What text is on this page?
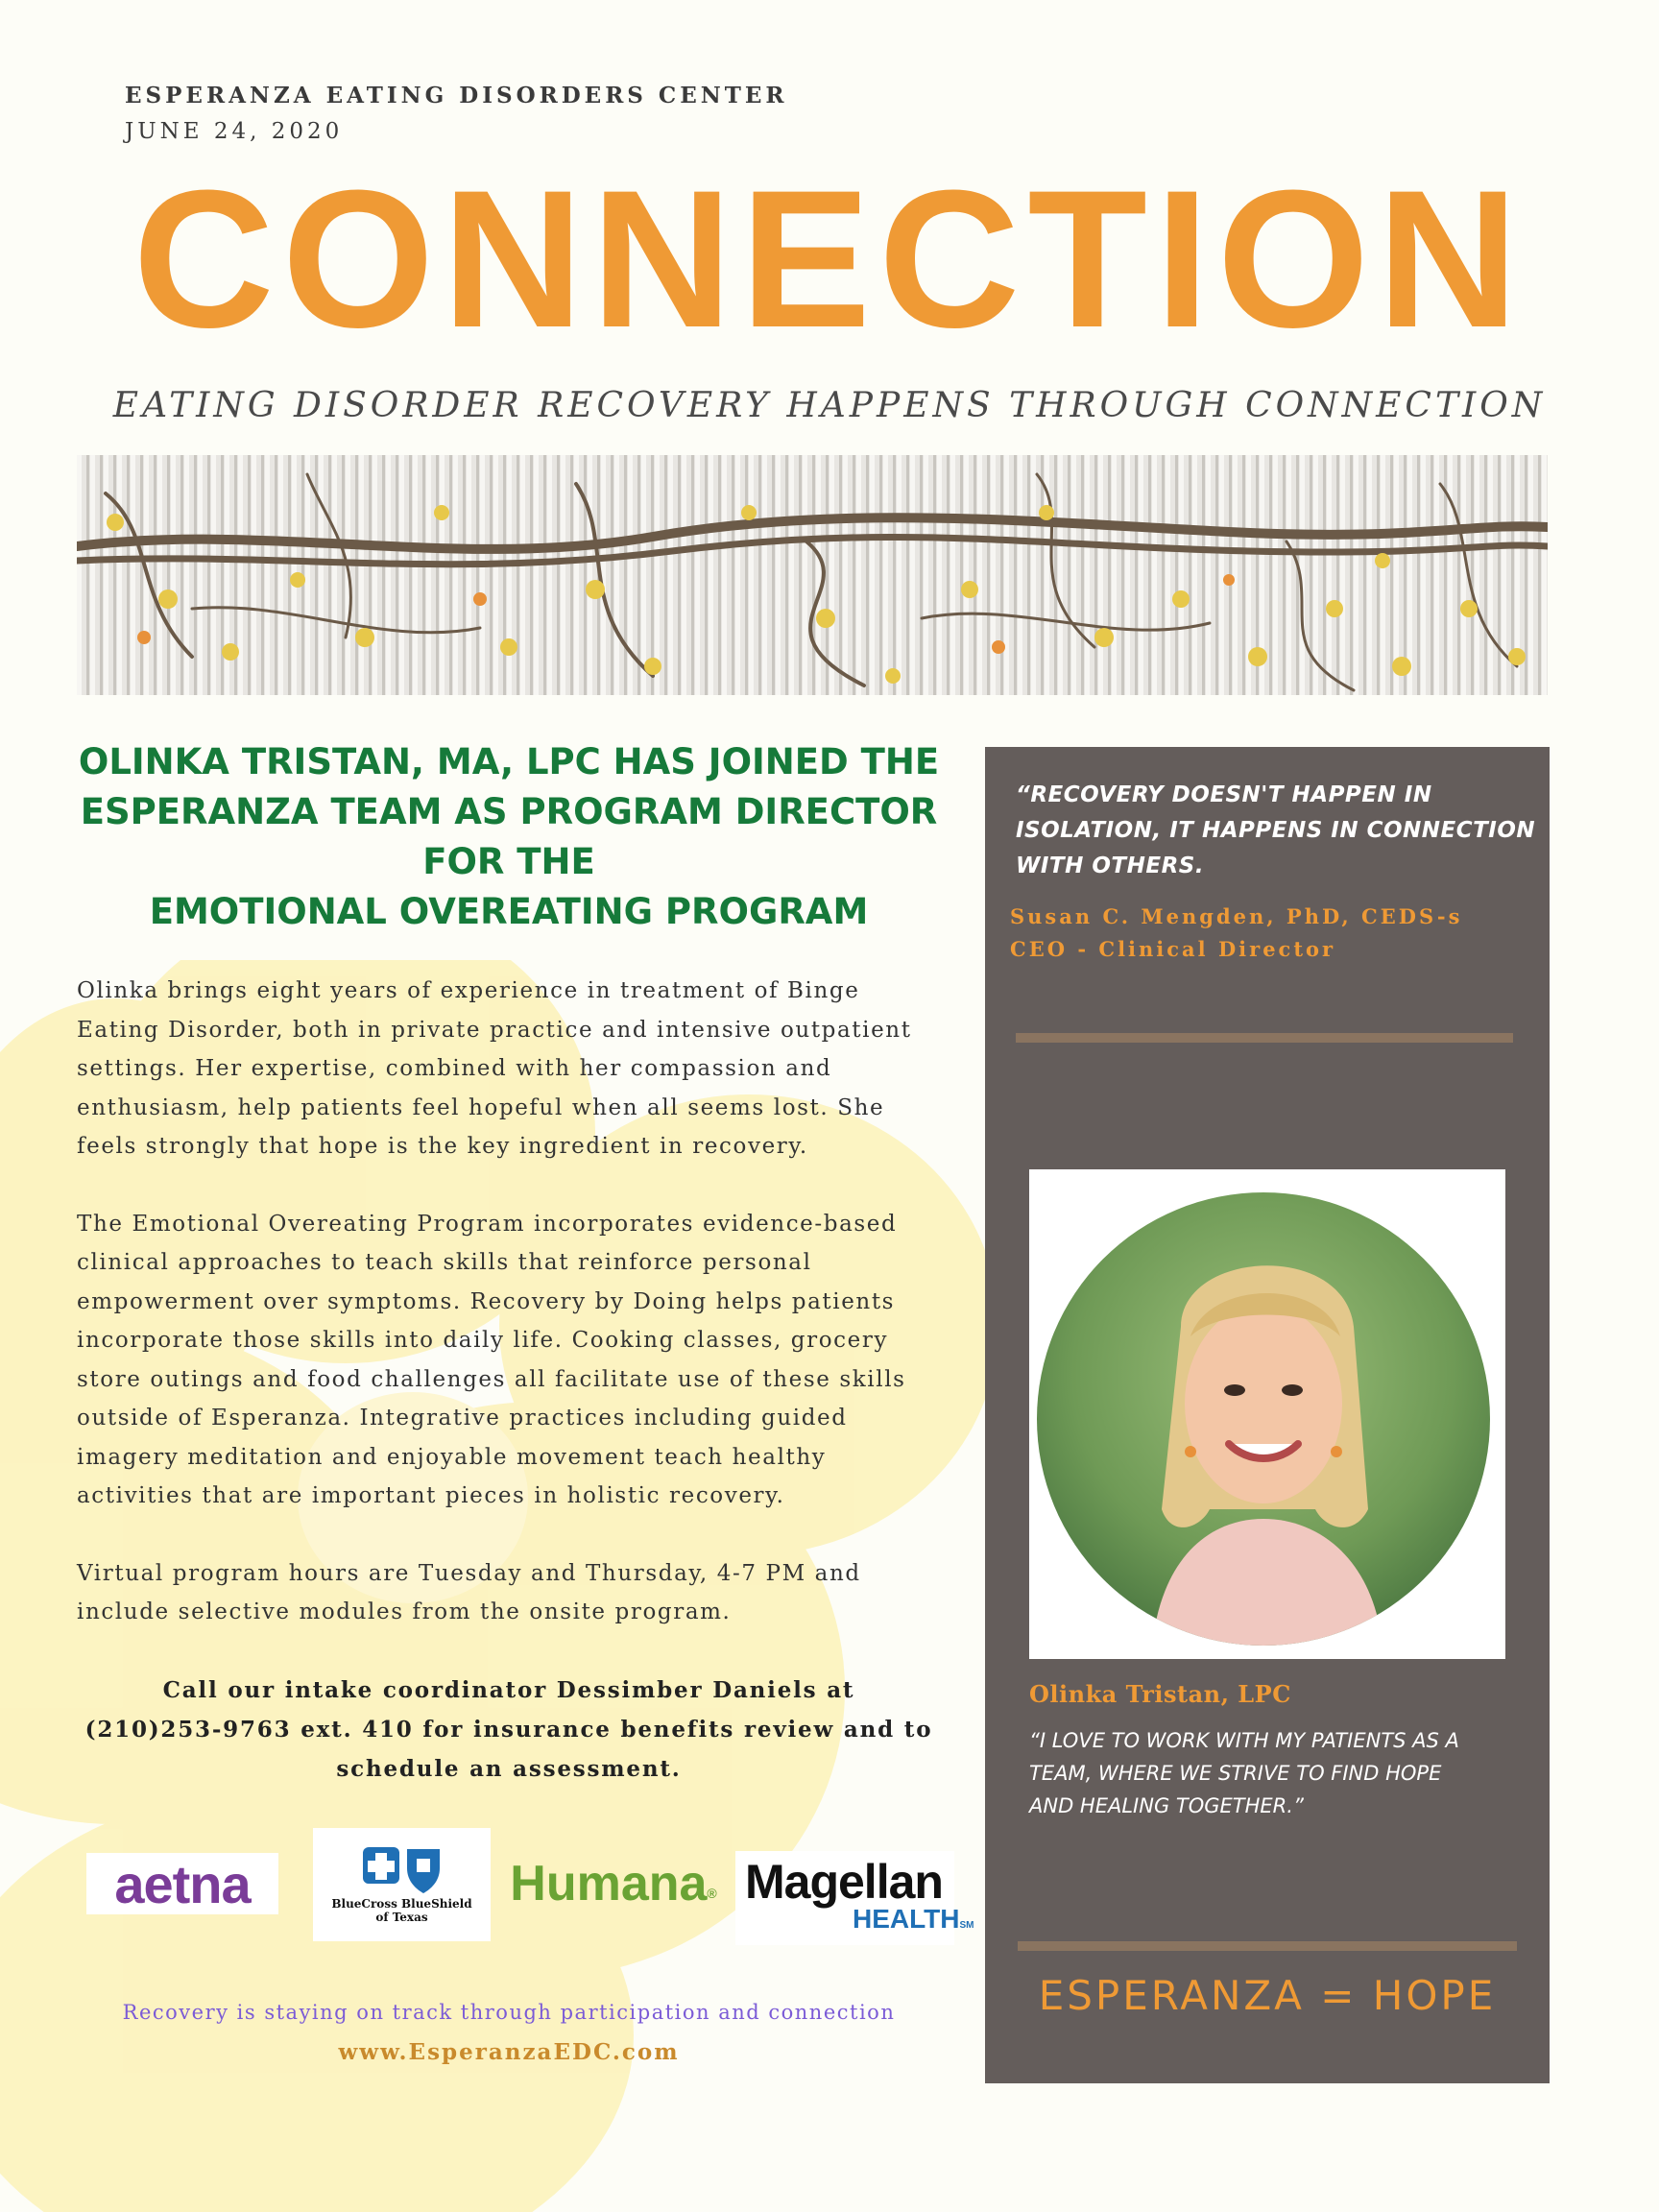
ESPERANZA EATING DISORDERS CENTER
JUNE 24, 2020
CONNECTION
EATING DISORDER RECOVERY HAPPENS THROUGH CONNECTION
OLINKA TRISTAN, MA, LPC HAS JOINED THE
ESPERANZA TEAM AS PROGRAM DIRECTOR
FOR THE
EMOTIONAL OVEREATING PROGRAM

Olinka brings eight years of experience in treatment of Binge
Eating Disorder, both in private practice and intensive outpatient
settings. Her expertise, combined with her compassion and
enthusiasm, help patients feel hopeful when all seems lost. She
feels strongly that hope is the key ingredient in recovery.

The Emotional Overeating Program incorporates evidence-based
clinical approaches to teach skills that reinforce personal
empowerment over symptoms. Recovery by Doing helps patients
incorporate those skills into daily life. Cooking classes, grocery
store outings and food challenges all facilitate use of these skills
outside of Esperanza. Integrative practices including guided
imagery meditation and enjoyable movement teach healthy
activities that are important pieces in holistic recovery.

Virtual program hours are Tuesday and Thursday, 4-7 PM and
include selective modules from the onsite program.

Call our intake coordinator Dessimber Daniels at
(210)253-9763 ext. 410 for insurance benefits review and to
schedule an assessment.
aetna	BlueCross BlueShield
of Texas
Humana ® Magellan
HEALTHSM
Recovery is staying on track through participation and connection
www.EsperanzaEDC.com
“RECOVERY DOESN'T HAPPEN IN
ISOLATION, IT HAPPENS IN CONNECTION
WITH OTHERS.
Susan C. Mengden, PhD, CEDS-s
CEO - Clinical Director
Olinka Tristan, LPC
“I LOVE TO WORK WITH MY PATIENTS AS A
TEAM, WHERE WE STRIVE TO FIND HOPE
AND HEALING TOGETHER.”
ESPERANZA = HOPE
